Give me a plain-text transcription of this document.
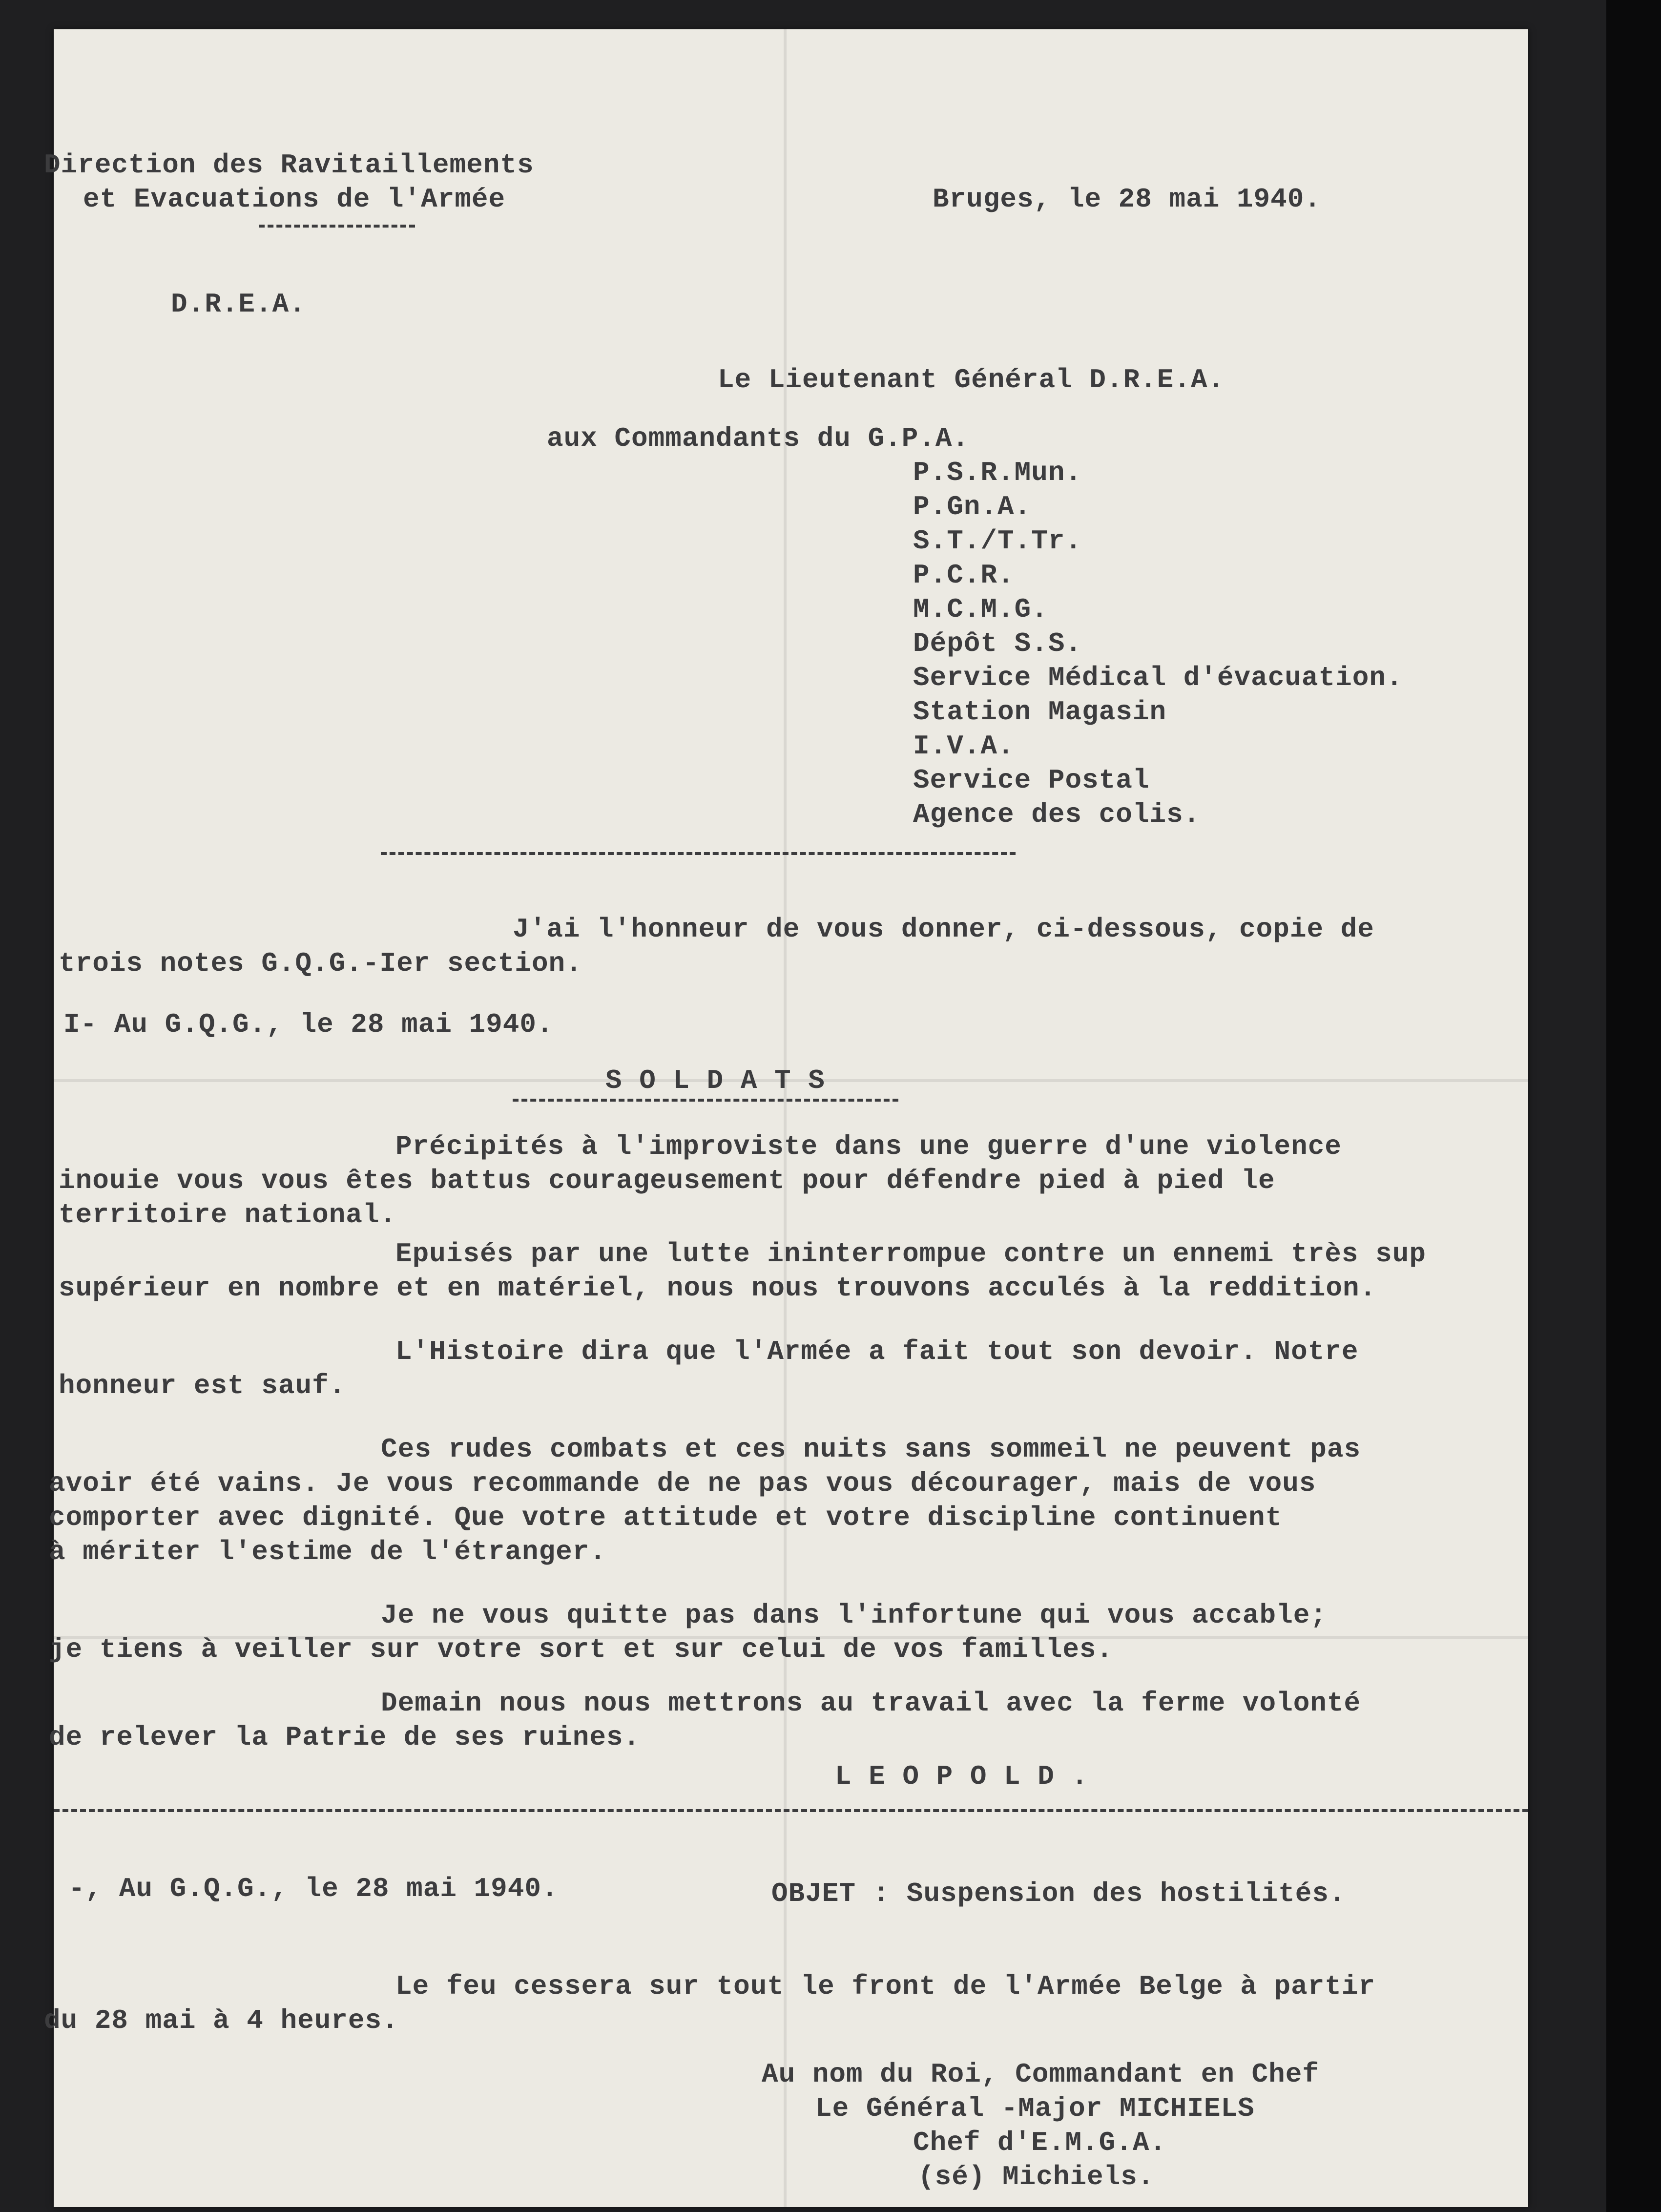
Direction des Ravitaillements
et Evacuations de l'Armée	Bruges, le 28 mai 1940.
D.R.E.A.
Le Lieutenant Général D.R.E.A.
aux Commandants du G.P.A.
P.S.R.Mun.
P.Gn.A.
S.T./T.Tr.
P.C.R.
M.C.M.G.
Dépôt S.S.
Service Médical d'évacuation.
Station Magasin
I.V.A.
Service Postal
Agence des colis.
J'ai l'honneur de vous donner, ci-dessous, copie de
trois notes G.Q.G.-Ier section.
I- Au G.Q.G., le 28 mai 1940.
S O L D A T S
Précipités à l'improviste dans une guerre d'une violence
inouie vous vous êtes battus courageusement pour défendre pied à pied le
territoire national.
Epuisés par une lutte ininterrompue contre un ennemi très sup
supérieur en nombre et en matériel, nous nous trouvons acculés à la reddition.
L'Histoire dira que l'Armée a fait tout son devoir. Notre
honneur est sauf.
Ces rudes combats et ces nuits sans sommeil ne peuvent pas
avoir été vains. Je vous recommande de ne pas vous décourager, mais de vous
comporter avec dignité. Que votre attitude et votre discipline continuent
à mériter l'estime de l'étranger.
Je ne vous quitte pas dans l'infortune qui vous accable;
je tiens à veiller sur votre sort et sur celui de vos familles.
Demain nous nous mettrons au travail avec la ferme volonté
de relever la Patrie de ses ruines.
L E O P O L D .
-, Au G.Q.G., le 28 mai 1940.	OBJET : Suspension des hostilités.
Le feu cessera sur tout le front de l'Armée Belge à partir
du 28 mai à 4 heures.
Au nom du Roi, Commandant en Chef
Le Général -Major MICHIELS
Chef d'E.M.G.A.
(sé) Michiels.
